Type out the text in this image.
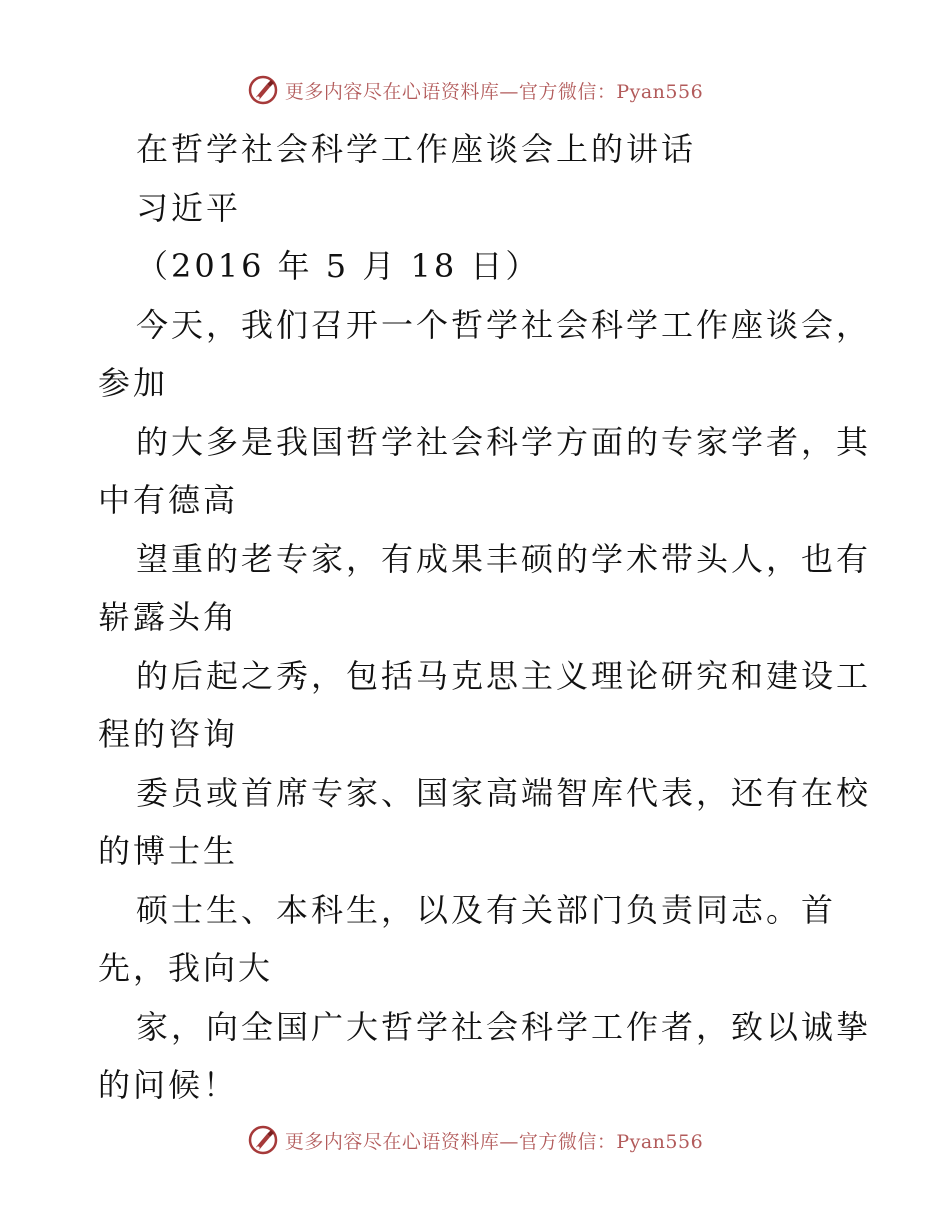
更多内容尽在心语资料库—官方微信：Pyan556
在哲学社会科学工作座谈会上的讲话
习近平
（2016 年 5 月 18 日）
今天，我们召开一个哲学社会科学工作座谈会，
参加
的大多是我国哲学社会科学方面的专家学者，其
中有德高
望重的老专家，有成果丰硕的学术带头人，也有
崭露头角
的后起之秀，包括马克思主义理论研究和建设工
程的咨询
委员或首席专家、国家高端智库代表，还有在校
的博士生
硕士生、本科生，以及有关部门负责同志。首
先，我向大
家，向全国广大哲学社会科学工作者，致以诚挚
的问候！
更多内容尽在心语资料库—官方微信：Pyan556
